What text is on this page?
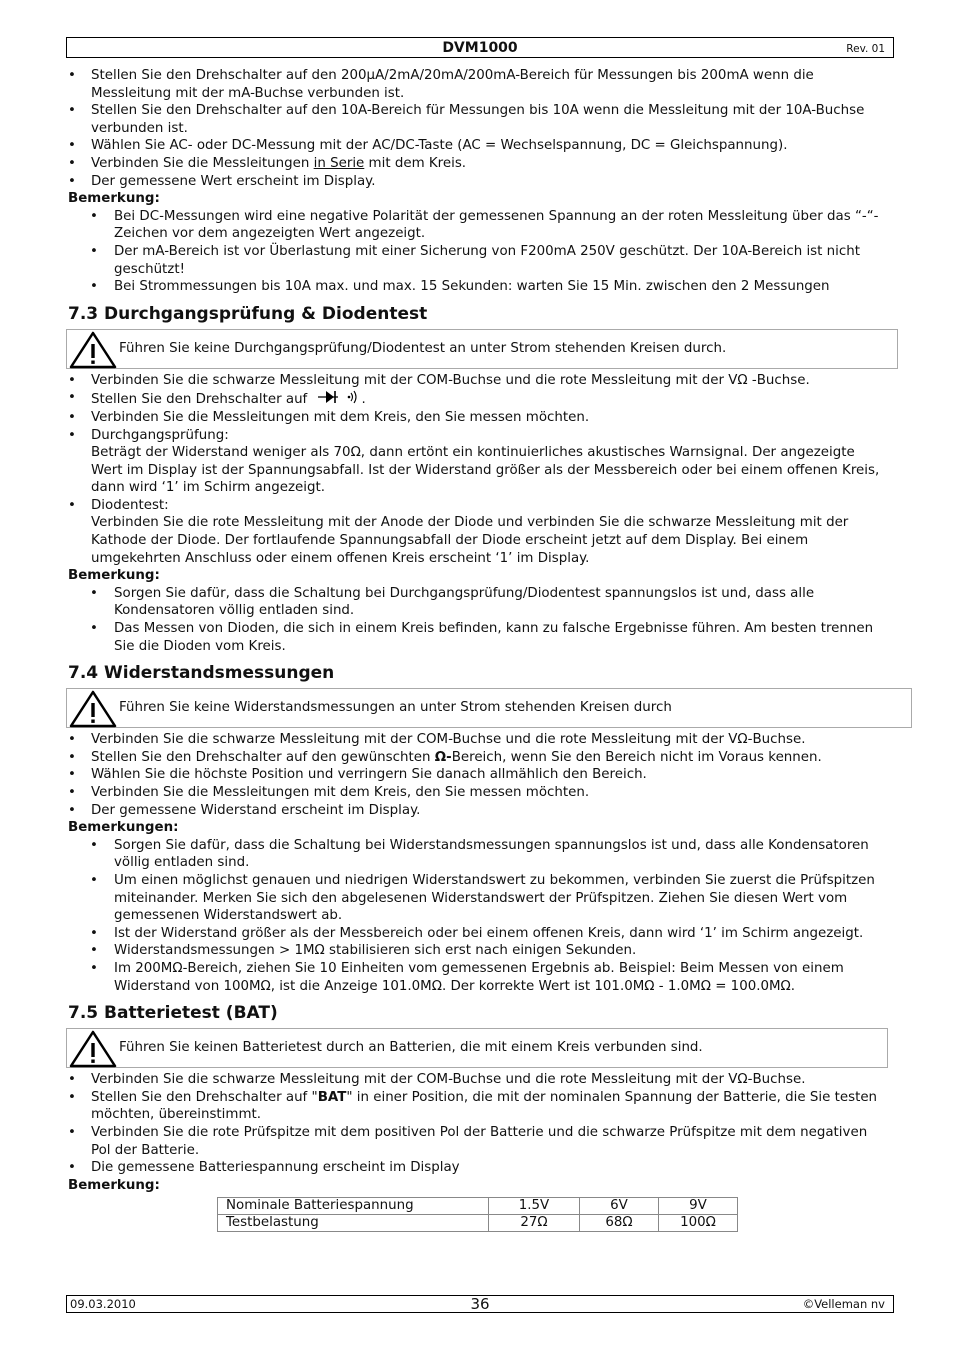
DVM1000	Rev. 01
• Stellen Sie den Drehschalter auf den 200µA/2mA/20mA/200mA-Bereich für Messungen bis 200mA wenn die Messleitung mit der mA-Buchse verbunden ist.
• Stellen Sie den Drehschalter auf den 10A-Bereich für Messungen bis 10A wenn die Messleitung mit der 10A-Buchse verbunden ist.
• Wählen Sie AC- oder DC-Messung mit der AC/DC-Taste (AC = Wechselspannung, DC = Gleichspannung).
• Verbinden Sie die Messleitungen in Serie mit dem Kreis.
• Der gemessene Wert erscheint im Display.
Bemerkung:
• Bei DC-Messungen wird eine negative Polarität der gemessenen Spannung an der roten Messleitung über das “-“-Zeichen vor dem angezeigten Wert angezeigt.
• Der mA-Bereich ist vor Überlastung mit einer Sicherung von F200mA 250V geschützt. Der 10A-Bereich ist nicht geschützt!
• Bei Strommessungen bis 10A max. und max. 15 Sekunden: warten Sie 15 Min. zwischen den 2 Messungen
7.3 Durchgangsprüfung & Diodentest
Führen Sie keine Durchgangsprüfung/Diodentest an unter Strom stehenden Kreisen durch.
• Verbinden Sie die schwarze Messleitung mit der COM-Buchse und die rote Messleitung mit der VΩ -Buchse.
• Stellen Sie den Drehschalter auf	.
• Verbinden Sie die Messleitungen mit dem Kreis, den Sie messen möchten.
• Durchgangsprüfung:
Beträgt der Widerstand weniger als 70Ω, dann ertönt ein kontinuierliches akustisches Warnsignal. Der angezeigte Wert im Display ist der Spannungsabfall. Ist der Widerstand größer als der Messbereich oder bei einem offenen Kreis, dann wird ‘1’ im Schirm angezeigt.
• Diodentest:
Verbinden Sie die rote Messleitung mit der Anode der Diode und verbinden Sie die schwarze Messleitung mit der Kathode der Diode. Der fortlaufende Spannungsabfall der Diode erscheint jetzt auf dem Display. Bei einem umgekehrten Anschluss oder einem offenen Kreis erscheint ‘1’ im Display.
Bemerkung:
• Sorgen Sie dafür, dass die Schaltung bei Durchgangsprüfung/Diodentest spannungslos ist und, dass alle Kondensatoren völlig entladen sind.
• Das Messen von Dioden, die sich in einem Kreis befinden, kann zu falsche Ergebnisse führen. Am besten trennen Sie die Dioden vom Kreis.
7.4 Widerstandsmessungen
Führen Sie keine Widerstandsmessungen an unter Strom stehenden Kreisen durch
• Verbinden Sie die schwarze Messleitung mit der COM-Buchse und die rote Messleitung mit der VΩ-Buchse.
• Stellen Sie den Drehschalter auf den gewünschten Ω-Bereich, wenn Sie den Bereich nicht im Voraus kennen.
• Wählen Sie die höchste Position und verringern Sie danach allmählich den Bereich.
• Verbinden Sie die Messleitungen mit dem Kreis, den Sie messen möchten.
• Der gemessene Widerstand erscheint im Display.
Bemerkungen:
• Sorgen Sie dafür, dass die Schaltung bei Widerstandsmessungen spannungslos ist und, dass alle Kondensatoren völlig entladen sind.
• Um einen möglichst genauen und niedrigen Widerstandswert zu bekommen, verbinden Sie zuerst die Prüfspitzen miteinander. Merken Sie sich den abgelesenen Widerstandswert der Prüfspitzen. Ziehen Sie diesen Wert vom gemessenen Widerstandswert ab.
• Ist der Widerstand größer als der Messbereich oder bei einem offenen Kreis, dann wird ‘1’ im Schirm angezeigt.
• Widerstandsmessungen > 1MΩ stabilisieren sich erst nach einigen Sekunden.
• Im 200MΩ-Bereich, ziehen Sie 10 Einheiten vom gemessenen Ergebnis ab. Beispiel: Beim Messen von einem Widerstand von 100MΩ, ist die Anzeige 101.0MΩ. Der korrekte Wert ist 101.0MΩ - 1.0MΩ = 100.0MΩ.
7.5 Batterietest (BAT)
Führen Sie keinen Batterietest durch an Batterien, die mit einem Kreis verbunden sind.
• Verbinden Sie die schwarze Messleitung mit der COM-Buchse und die rote Messleitung mit der VΩ-Buchse.
• Stellen Sie den Drehschalter auf "BAT" in einer Position, die mit der nominalen Spannung der Batterie, die Sie testen möchten, übereinstimmt.
• Verbinden Sie die rote Prüfspitze mit dem positiven Pol der Batterie und die schwarze Prüfspitze mit dem negativen Pol der Batterie.
• Die gemessene Batteriespannung erscheint im Display
Bemerkung:
Nominale Batteriespannung	1.5V	6V	9V
Testbelastung	27Ω	68Ω	100Ω
09.03.2010	36	©Velleman nv
